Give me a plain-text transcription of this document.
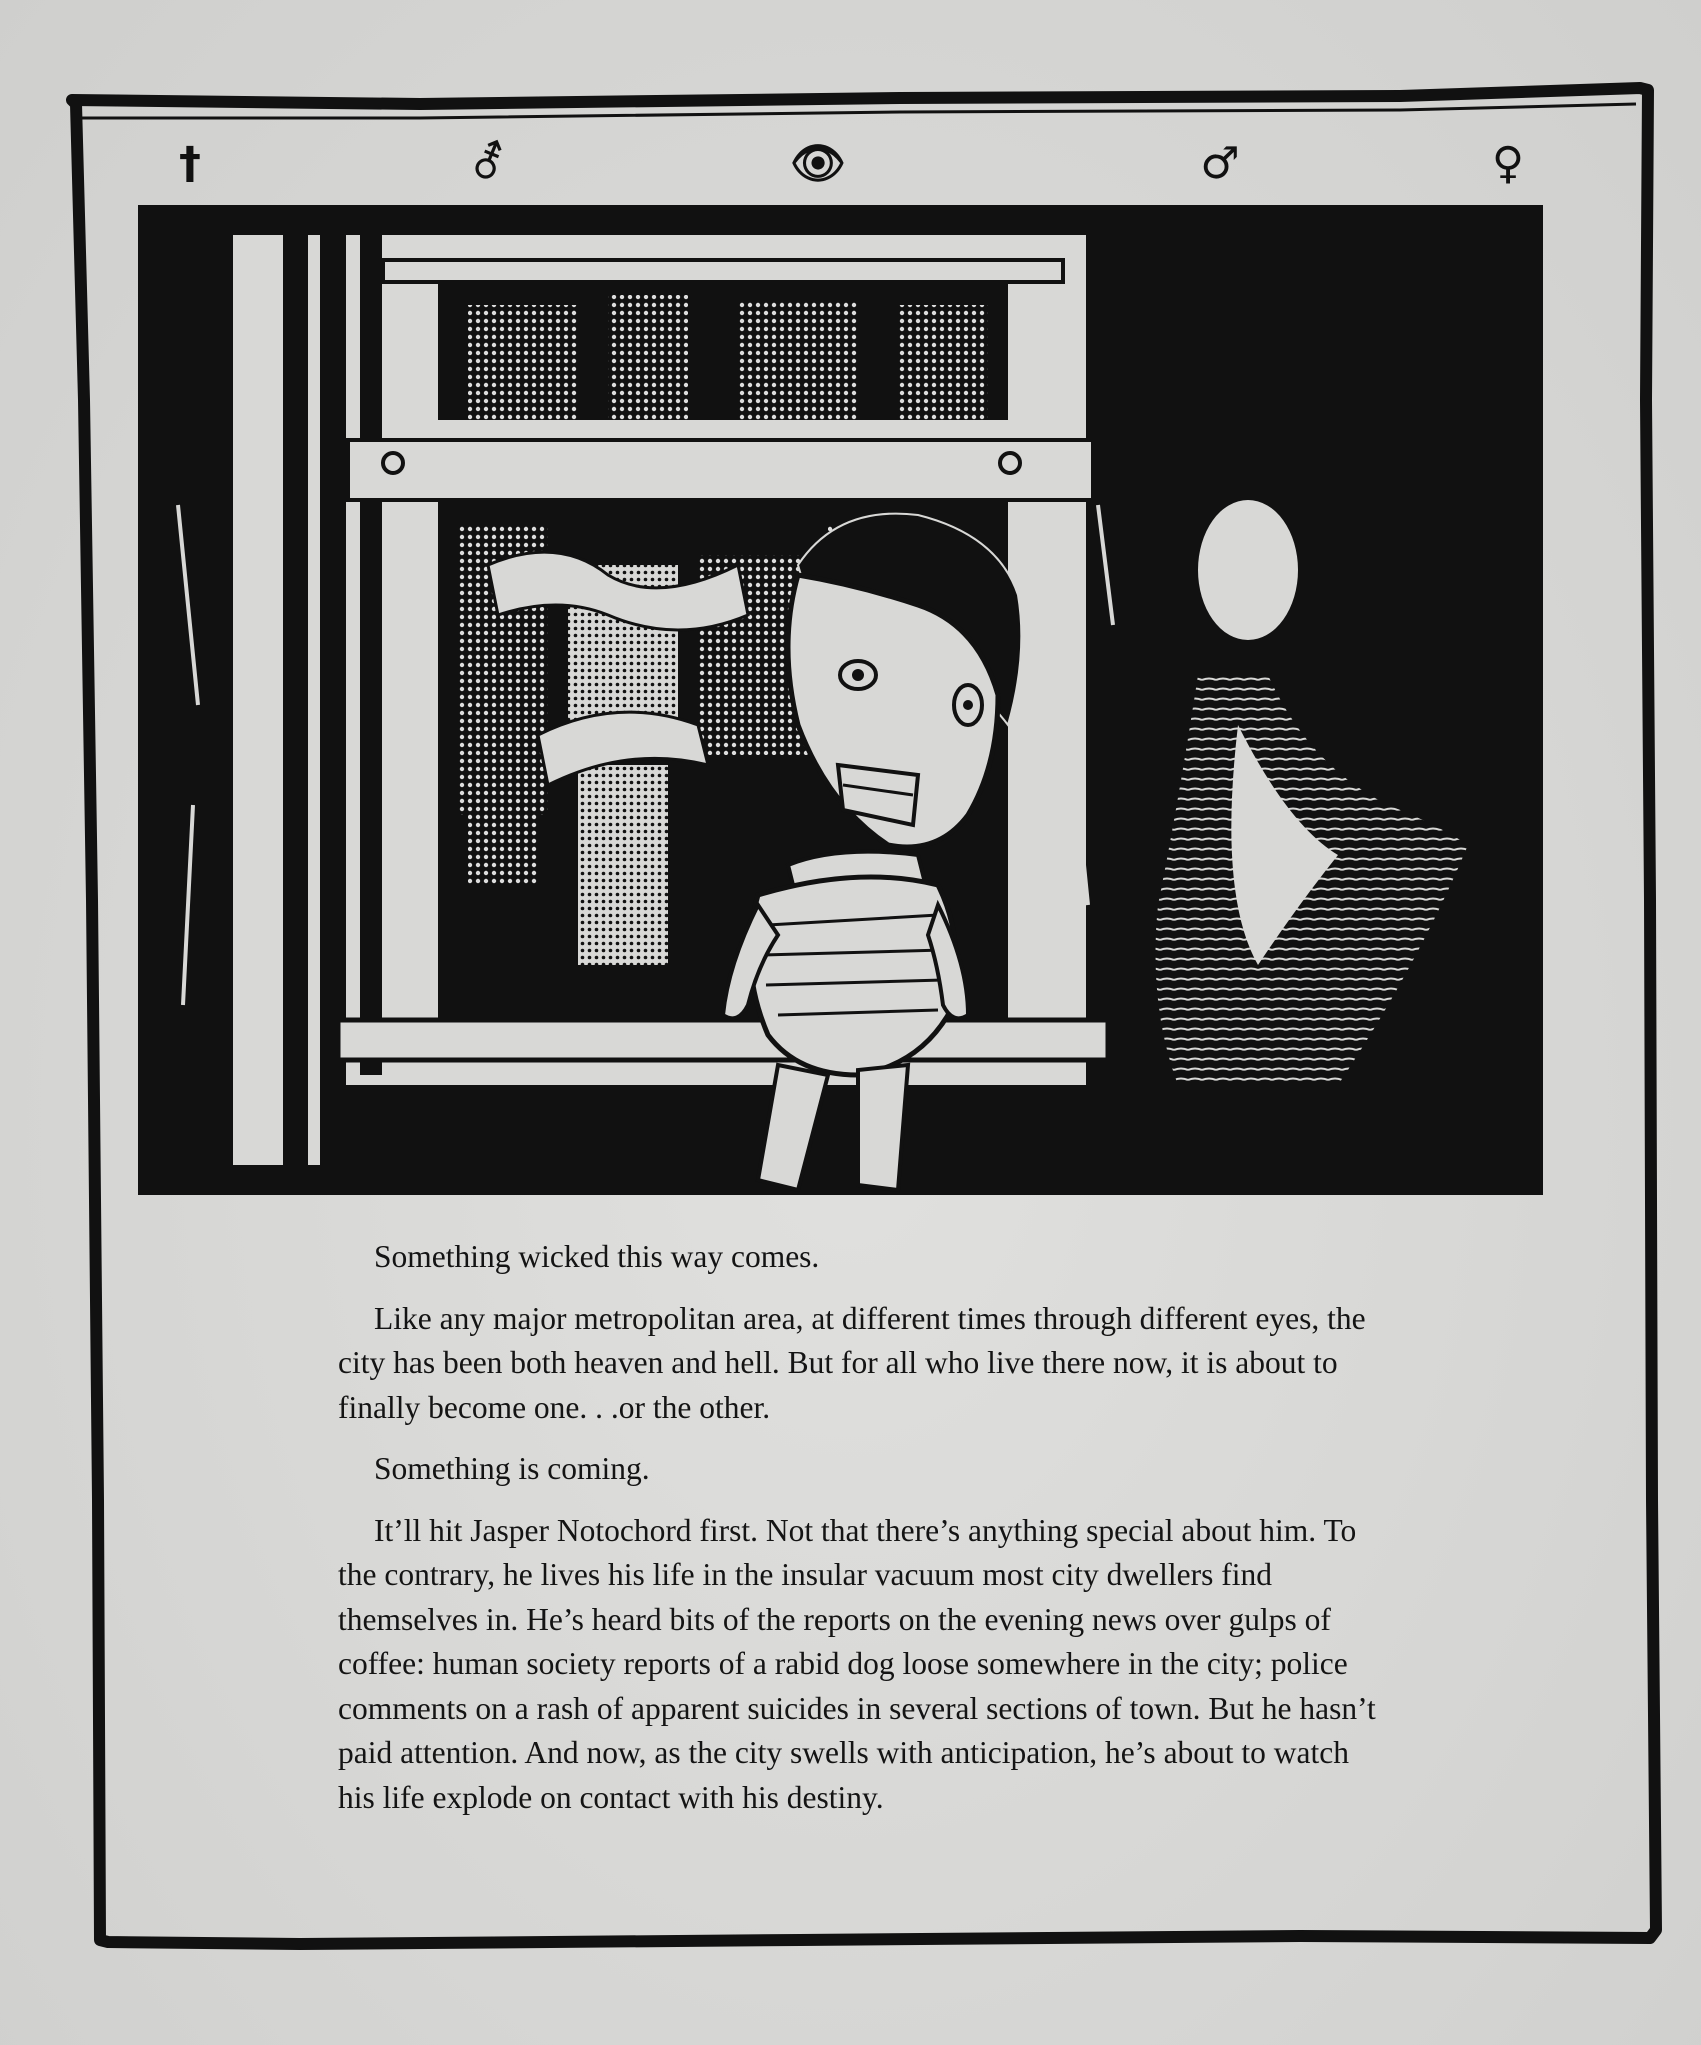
†	⚦	👁	♂	♀

Something wicked this way comes.

Like any major metropolitan area, at different times through different eyes, the city has been both heaven and hell. But for all who live there now, it is about to finally become one. . .or the other.

Something is coming.

It’ll hit Jasper Notochord first. Not that there’s anything special about him. To the contrary, he lives his life in the insular vacuum most city dwellers find themselves in. He’s heard bits of the reports on the evening news over gulps of coffee: human society reports of a rabid dog loose somewhere in the city; police comments on a rash of apparent suicides in several sections of town. But he hasn’t paid attention. And now, as the city swells with anticipation, he’s about to watch his life explode on contact with his destiny.
